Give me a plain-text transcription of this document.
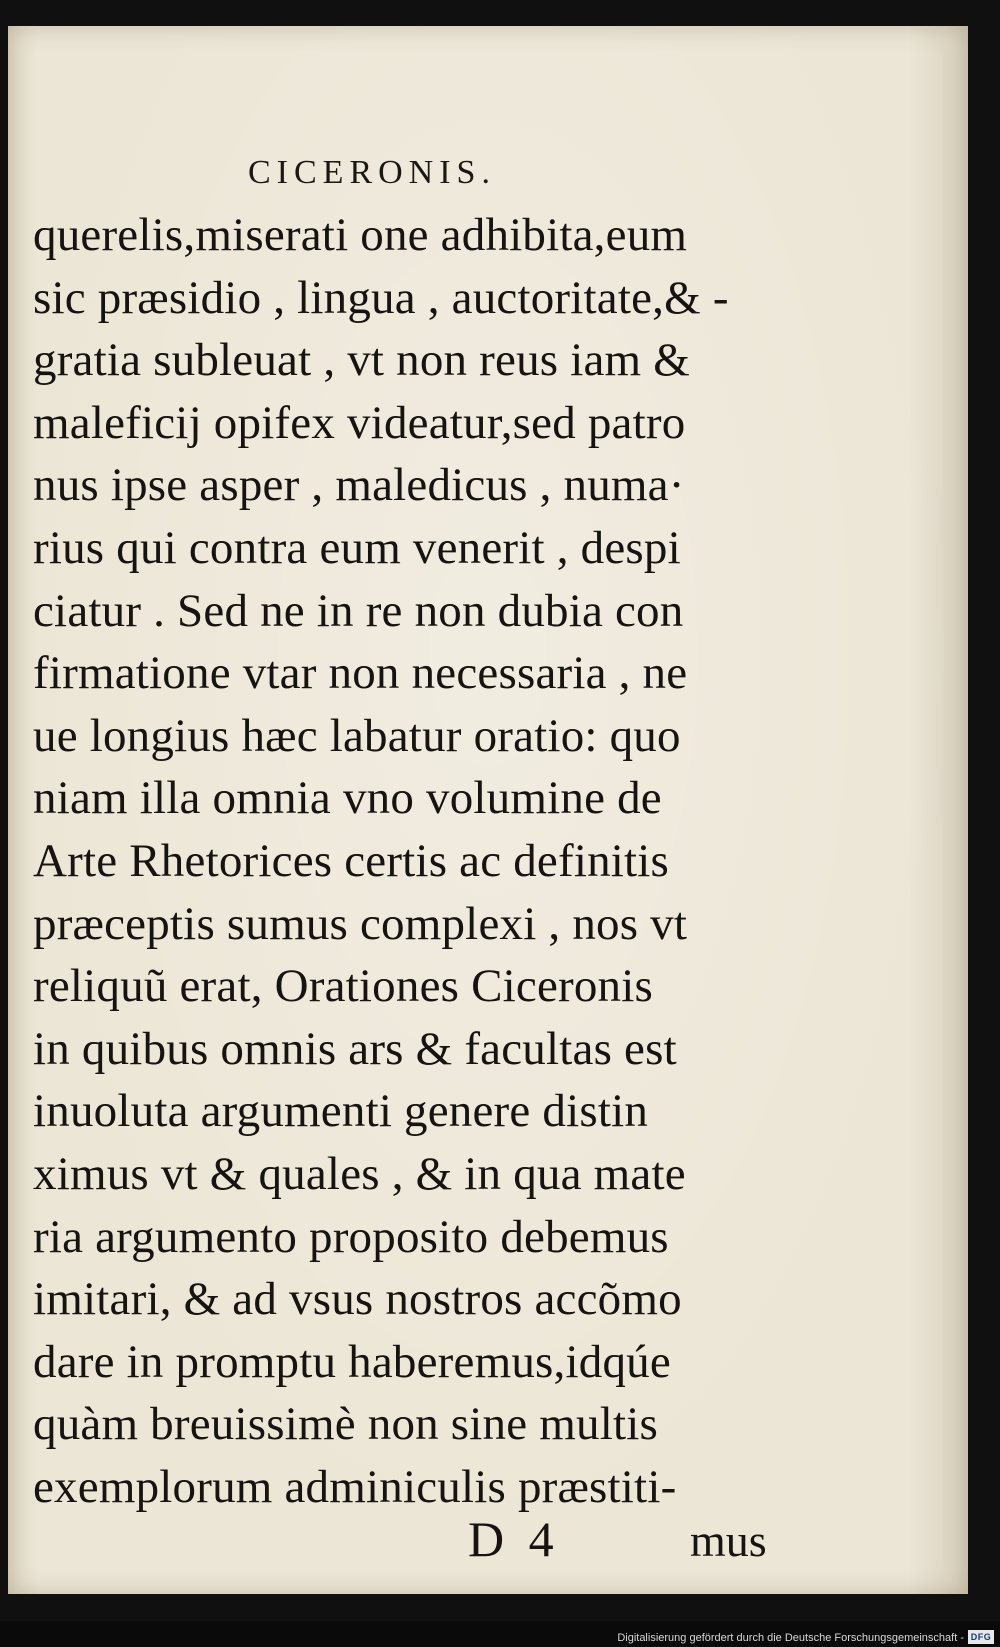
CICERONIS.
querelis,miserati one adhibita,eum
sic præsidio , lingua , auctoritate,& -
gratia subleuat , vt non reus iam &
maleficij opifex videatur,sed patro
nus ipse asper , maledicus , numa·
rius qui contra eum venerit , despi
ciatur . Sed ne in re non dubia con
firmatione vtar non necessaria , ne
ue longius hæc labatur oratio: quo
niam illa omnia vno volumine de
Arte Rhetorices certis ac definitis
præceptis sumus complexi , nos vt
reliquũ erat, Orationes Ciceronis
in quibus omnis ars & facultas est
inuoluta argumenti genere distin
ximus vt & quales , & in qua mate
ria argumento proposito debemus
imitari, & ad vsus nostros accõmo
dare in promptu haberemus,idqúe
quàm breuissimè non sine multis
exemplorum adminiculis præstiti-
D 4	mus
Digitalisierung gefördert durch die Deutsche Forschungsgemeinschaft - DFG
